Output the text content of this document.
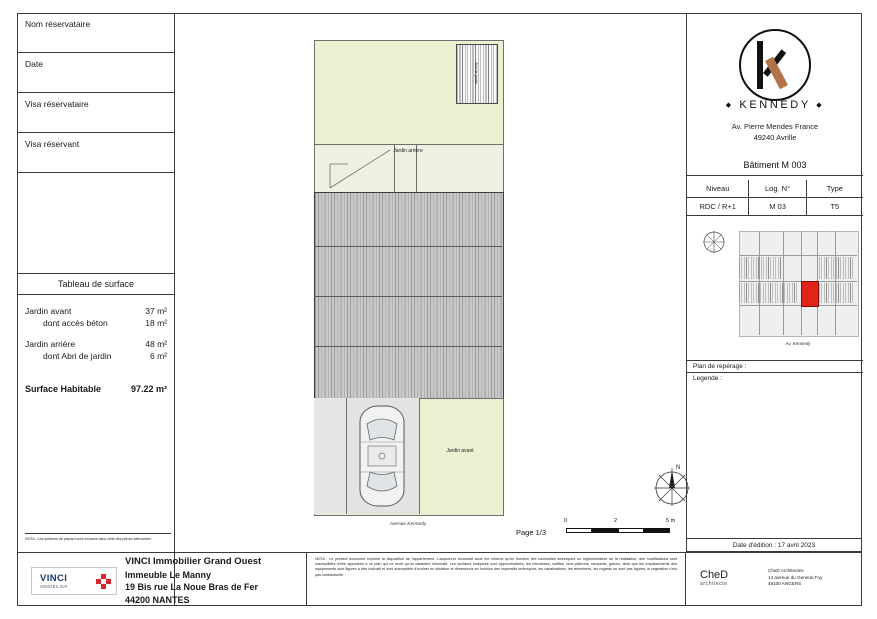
Nom réservataire
Date
Visa réservataire
Visa réservant
Tableau de surface
Jardin avant	37 m²
dont accès béton	18 m²
Jardin arrière	48 m²
dont Abri de jardin	6 m²
Surface Habitable	97.22 m²
NOTA : Les surfaces de placard sont incluses dans celle des pièces attenantes.
Abri de jardin
Jardin arrière
Jardin avant
Avenue Kennedy
Page 1/3
0	2	5 m
N
◆ KENNEDY ◆
Av. Pierre Mendes France
49240 Avrille
Bâtiment M 003
Niveau	Log. N°	Type
RDC / R+1	M 03	T5
Av. Kennedy
Plan de repérage :
Legende :
Date d'édition : 17 avril 2023
VINCI
IMMOBILIER
VINCI Immobilier Grand Ouest
Immeuble Le Manny
19 Bis rue La Noue Bras de Fer
44200 NANTES
NOTA : Le present document exprime la disposition de l'appartement. L'acquereur reconnait avoir ete informe qu'en fonction des necessites techniques ou reglementaires de la realisation, des modifications sont susceptibles d'etre apportees a ce plan qui ne revet qu'un caractere informatif. Les surfaces indiquees sont approximatives; les retombees, soffites, faux-plafonds, rampants, gaines, ainsi que les emplacements des equipements sont figures a titre indicatif et sont susceptible d'evoluer en situation et dimensions en fonction des imperatifs techniques; les canalisations, les retombees, les regards ne sont pas figures; la vegetation n'est pas contractuelle.	CheD
architecte
CheD Architectes
14 avenue du General Foy
49100 ANGERS
